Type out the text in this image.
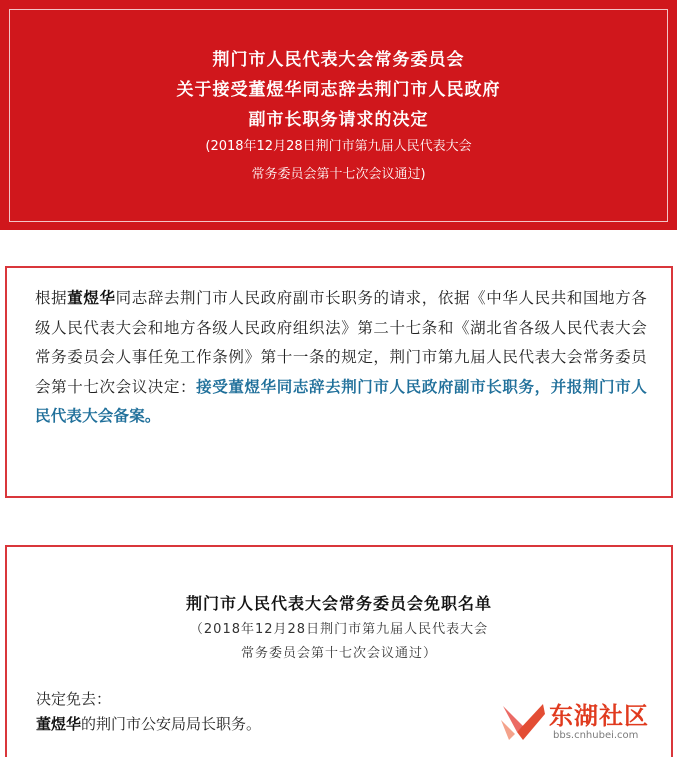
荆门市人民代表大会常务委员会
关于接受董煜华同志辞去荆门市人民政府
副市长职务请求的决定
(2018年12月28日荆门市第九届人民代表大会
常务委员会第十七次会议通过)

根据董煜华同志辞去荆门市人民政府副市长职务的请求，依据《中华人民共和国地方各级人民代表大会和地方各级人民政府组织法》第二十七条和《湖北省各级人民代表大会常务委员会人事任免工作条例》第十一条的规定，荆门市第九届人民代表大会常务委员会第十七次会议决定：接受董煜华同志辞去荆门市人民政府副市长职务，并报荆门市人民代表大会备案。

荆门市人民代表大会常务委员会免职名单
（2018年12月28日荆门市第九届人民代表大会
常务委员会第十七次会议通过）
决定免去：
董煜华的荆门市公安局局长职务。	东湖社区
bbs.cnhubei.com
